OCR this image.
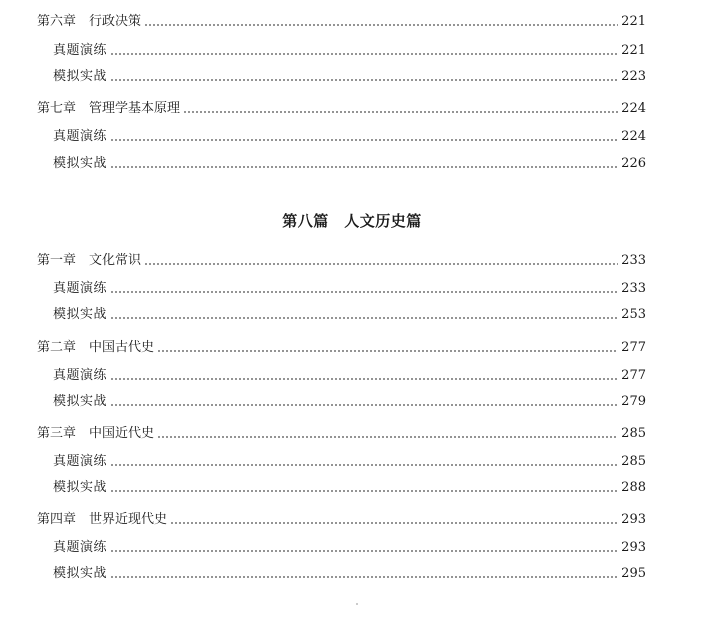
第六章　行政决策	221
真题演练	221
模拟实战	223
第七章　管理学基本原理	224
真题演练	224
模拟实战	226
第八篇　人文历史篇
第一章　文化常识	233
真题演练	233
模拟实战	253
第二章　中国古代史	277
真题演练	277
模拟实战	279
第三章　中国近代史	285
真题演练	285
模拟实战	288
第四章　世界近现代史	293
真题演练	293
模拟实战	295
